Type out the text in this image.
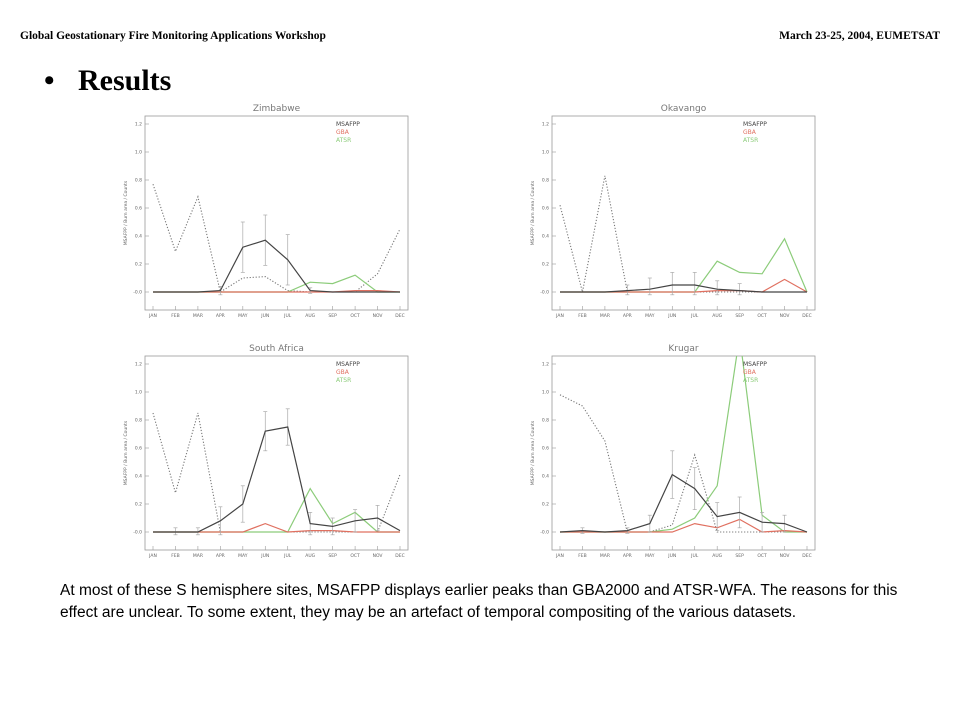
Global Geostationary Fire Monitoring Applications Workshop	March 23-25, 2004, EUMETSAT
• Results
Zimbabwe
MSAFPP / Burn area / Counts
-0.0
0.2
0.4
0.6
0.8
1.0
1.2
JAN	FEB	MAR	APR	MAY	JUN	JUL	AUG	SEP	OCT	NOV	DEC
MSAFPP
GBA
ATSR
Okavango
MSAFPP / Burn area / Counts
-0.0
0.2
0.4
0.6
0.8
1.0
1.2
JAN	FEB	MAR	APR	MAY	JUN	JUL	AUG	SEP	OCT	NOV	DEC
MSAFPP
GBA
ATSR
South Africa
MSAFPP / Burn area / Counts
-0.0
0.2
0.4
0.6
0.8
1.0
1.2
JAN	FEB	MAR	APR	MAY	JUN	JUL	AUG	SEP	OCT	NOV	DEC
MSAFPP
GBA
ATSR
Krugar
MSAFPP / Burn area / Counts
-0.0
0.2
0.4
0.6
0.8
1.0
1.2
JAN	FEB	MAR	APR	MAY	JUN	JUL	AUG	SEP	OCT	NOV	DEC
MSAFPP
GBA
ATSR
At most of these S hemisphere sites, MSAFPP displays earlier peaks than GBA2000 and ATSR-WFA. The reasons for this effect are unclear. To some extent, they may be an artefact of temporal compositing of the various datasets.
